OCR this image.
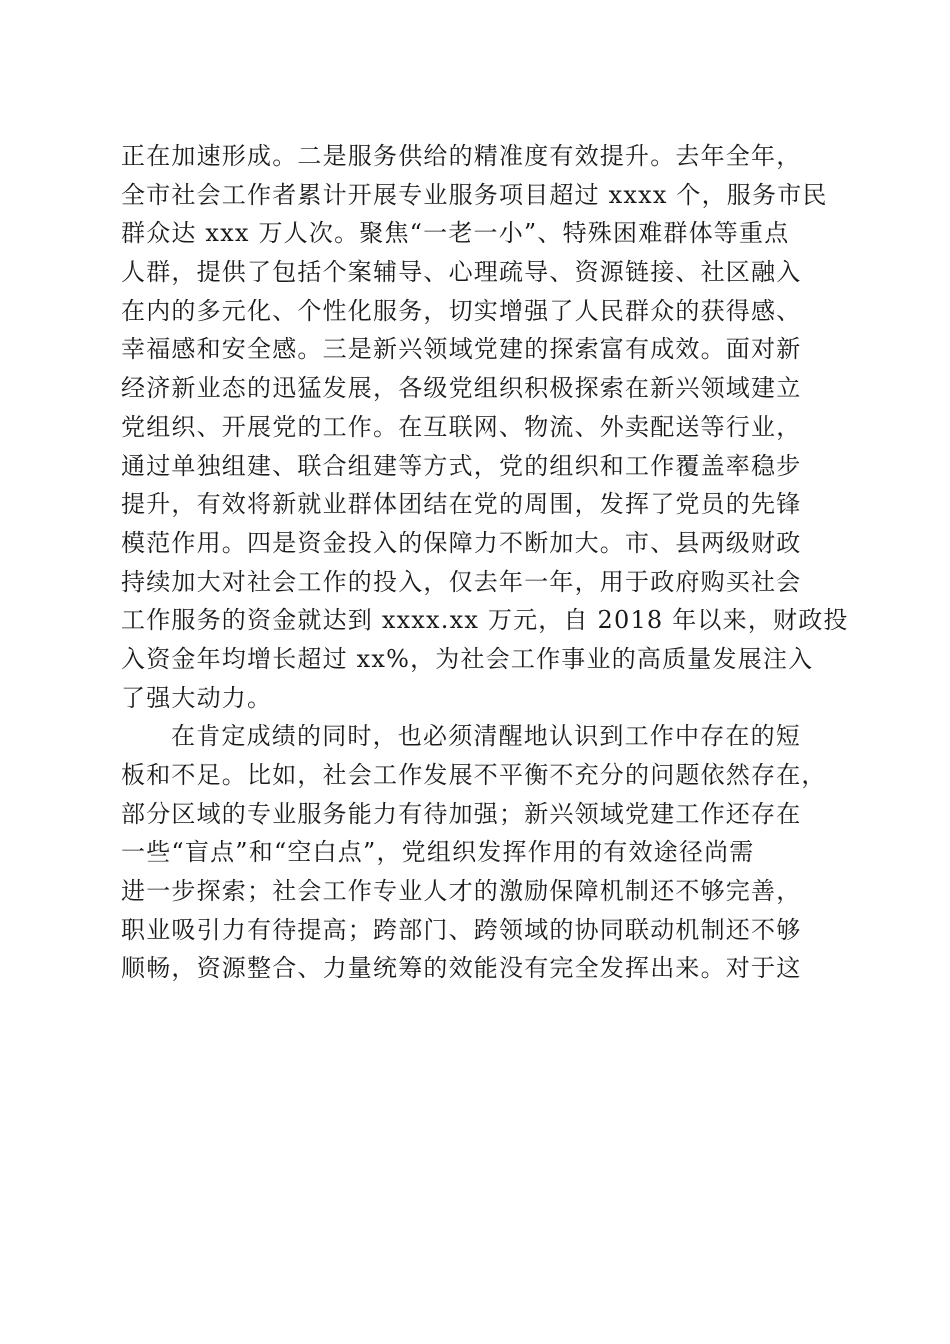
正在加速形成。二是服务供给的精准度有效提升。去年全年，
全市社会工作者累计开展专业服务项目超过 xxxx 个，服务市民
群众达 xxx 万人次。聚焦“一老一小”、特殊困难群体等重点
人群，提供了包括个案辅导、心理疏导、资源链接、社区融入
在内的多元化、个性化服务，切实增强了人民群众的获得感、
幸福感和安全感。三是新兴领域党建的探索富有成效。面对新
经济新业态的迅猛发展，各级党组织积极探索在新兴领域建立
党组织、开展党的工作。在互联网、物流、外卖配送等行业，
通过单独组建、联合组建等方式，党的组织和工作覆盖率稳步
提升，有效将新就业群体团结在党的周围，发挥了党员的先锋
模范作用。四是资金投入的保障力不断加大。市、县两级财政
持续加大对社会工作的投入，仅去年一年，用于政府购买社会
工作服务的资金就达到 xxxx.xx 万元，自 2018 年以来，财政投
入资金年均增长超过 xx%，为社会工作事业的高质量发展注入
了强大动力。
在肯定成绩的同时，也必须清醒地认识到工作中存在的短
板和不足。比如，社会工作发展不平衡不充分的问题依然存在，
部分区域的专业服务能力有待加强；新兴领域党建工作还存在
一些“盲点”和“空白点”，党组织发挥作用的有效途径尚需
进一步探索；社会工作专业人才的激励保障机制还不够完善，
职业吸引力有待提高；跨部门、跨领域的协同联动机制还不够
顺畅，资源整合、力量统筹的效能没有完全发挥出来。对于这
